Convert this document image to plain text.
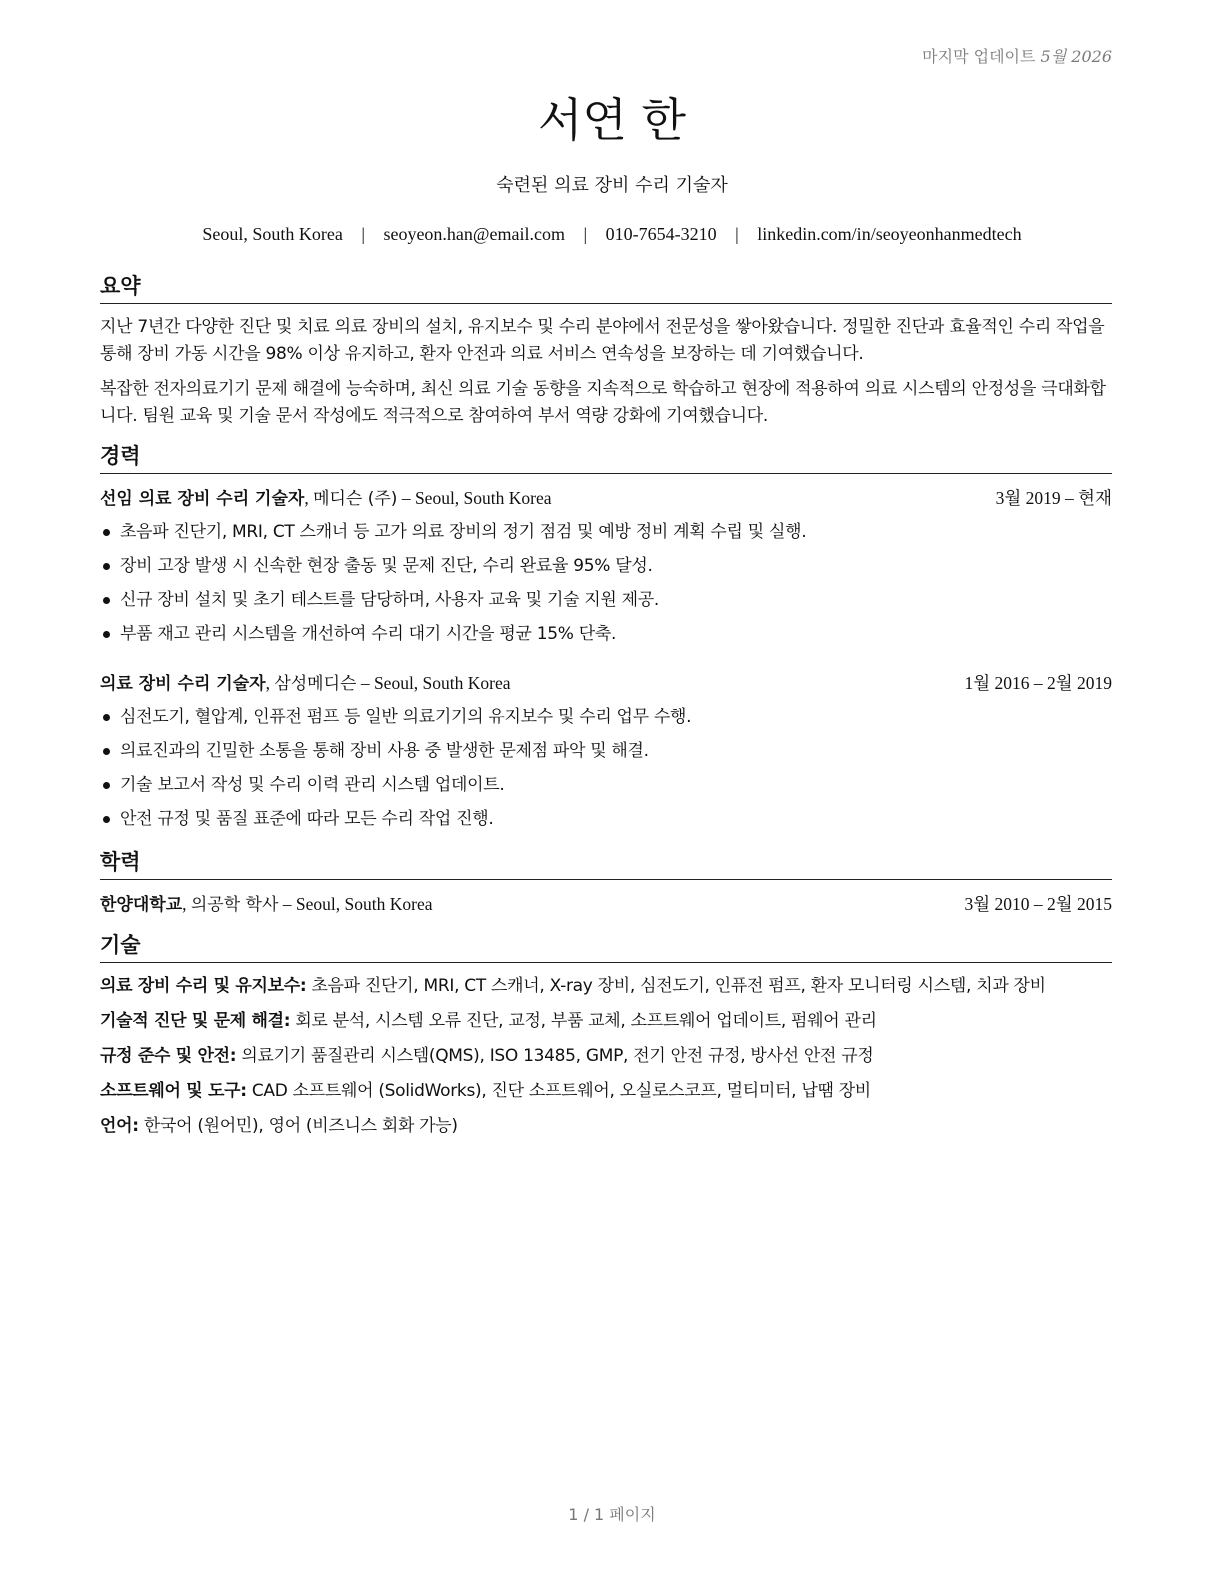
마지막 업데이트 5월 2026
서연 한
숙련된 의료 장비 수리 기술자
Seoul, South Korea | seoyeon.han@email.com | 010-7654-3210 | linkedin.com/in/seoyeonhanmedtech
요약

지난 7년간 다양한 진단 및 치료 의료 장비의 설치, 유지보수 및 수리 분야에서 전문성을 쌓아왔습니다. 정밀한 진단과 효율적인 수리 작업을 통해 장비 가동 시간을 98% 이상 유지하고, 환자 안전과 의료 서비스 연속성을 보장하는 데 기여했습니다.

복잡한 전자의료기기 문제 해결에 능숙하며, 최신 의료 기술 동향을 지속적으로 학습하고 현장에 적용하여 의료 시스템의 안정성을 극대화합니다. 팀원 교육 및 기술 문서 작성에도 적극적으로 참여하여 부서 역량 강화에 기여했습니다.

경력
선임 의료 장비 수리 기술자, 메디슨 (주) – Seoul, South Korea	3월 2019 – 현재
초음파 진단기, MRI, CT 스캐너 등 고가 의료 장비의 정기 점검 및 예방 정비 계획 수립 및 실행.
장비 고장 발생 시 신속한 현장 출동 및 문제 진단, 수리 완료율 95% 달성.
신규 장비 설치 및 초기 테스트를 담당하며, 사용자 교육 및 기술 지원 제공.
부품 재고 관리 시스템을 개선하여 수리 대기 시간을 평균 15% 단축.
의료 장비 수리 기술자, 삼성메디슨 – Seoul, South Korea	1월 2016 – 2월 2019
심전도기, 혈압계, 인퓨전 펌프 등 일반 의료기기의 유지보수 및 수리 업무 수행.
의료진과의 긴밀한 소통을 통해 장비 사용 중 발생한 문제점 파악 및 해결.
기술 보고서 작성 및 수리 이력 관리 시스템 업데이트.
안전 규정 및 품질 표준에 따라 모든 수리 작업 진행.
학력
한양대학교, 의공학 학사 – Seoul, South Korea	3월 2010 – 2월 2015
기술
의료 장비 수리 및 유지보수: 초음파 진단기, MRI, CT 스캐너, X-ray 장비, 심전도기, 인퓨전 펌프, 환자 모니터링 시스템, 치과 장비
기술적 진단 및 문제 해결: 회로 분석, 시스템 오류 진단, 교정, 부품 교체, 소프트웨어 업데이트, 펌웨어 관리
규정 준수 및 안전: 의료기기 품질관리 시스템(QMS), ISO 13485, GMP, 전기 안전 규정, 방사선 안전 규정
소프트웨어 및 도구: CAD 소프트웨어 (SolidWorks), 진단 소프트웨어, 오실로스코프, 멀티미터, 납땜 장비
언어: 한국어 (원어민), 영어 (비즈니스 회화 가능)
1 / 1 페이지
